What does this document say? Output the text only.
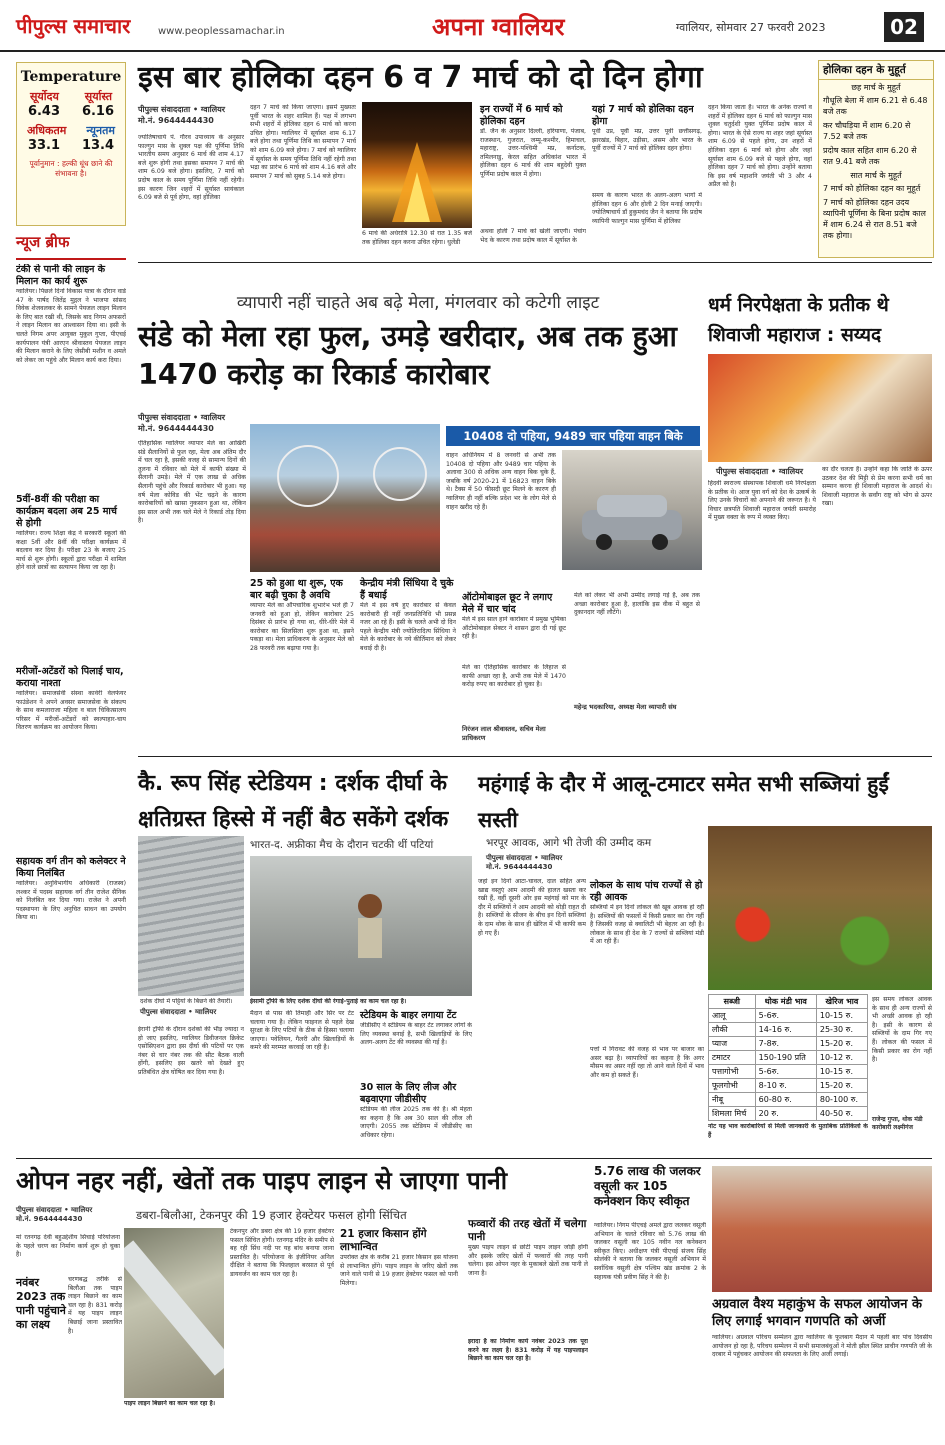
पीपुल्स समाचार	www.peoplessamachar.in	अपना ग्वालियर	ग्वालियर, सोमवार 27 फरवरी 2023	02
Temperature
सूर्योदय सूर्यास्त
6.43 6.16
अधिकतम न्यूनतम
33.1 13.4
पूर्वानुमान : हल्की धूंध छाने की संभावना है।
न्यूज ब्रीफ
टंकी से पानी की लाइन के मिलान का कार्य शुरू
ग्वालियर। पिछले दिनों विकास यात्रा के दौरान वार्ड 47 के पार्षद जितेंद्र मुद्गल ने भाजपा सांसद विवेक शेजवलकर के सामने पेयजल लाइन मिलान के लिए बात रखी थी, जिसके बाद निगम अफसरों ने लाइन मिलान का आश्वासन दिया था। इसी के चलते निगम अपर आयुक्त मुकुल गुप्ता, पीएचई कार्यपालन यंत्री आरएन श्रीवास्तव पेयजल लाइन की मिलान कराने के लिए जेसीबी मशीन व अमले को लेकर जा पहुंचे और मिलान कार्य करा दिया।
5वीं-8वीं की परीक्षा का कार्यक्रम बदला अब 25 मार्च से होगी
ग्वालियर। राज्य शिक्षा केंद्र ने सरकारी स्कूलों की कक्षा 5वीं और 8वीं की परीक्षा कार्यक्रम में बदलाव कर दिया है। परीक्षा 23 के बजाए 25 मार्च से शुरू होगी। स्कूलों द्वारा परीक्षा में शामिल होने वाले छात्रों का सत्यापन किया जा रहा है।
मरीजों-अटेंडरों को पिलाई चाय, कराया नाश्ता
ग्वालियर। समाजसेवी संस्था कावेरी वेलफेयर फाउंडेशन ने अपने अवसर समाजसेवा के संकल्प के साथ कमलाराजा महिला व बाल चिकित्सालय परिसर में मरीजों-अटेंडरों को स्वल्पाहार-चाय वितरण कार्यक्रम का आयोजन किया।
सहायक वर्ग तीन को कलेक्टर ने किया निलंबित
ग्वालियर। अनुविभागीय अधिकारी (राजस्व) लश्कर में पदस्थ सहायक वर्ग तीन राजेश सैनिक को निलंबित कर दिया गया। राजेश ने अपनी पदस्थापना के लिए अनुचित साधन का उपयोग किया था।
इस बार होलिका दहन 6 व 7 मार्च को दो दिन होगा
पीपुल्स संवाददाता • ग्वालियर
मो.नं. 9644444430
ज्योतिषाचार्य पं. गौरव उपाध्याय के अनुसार फाल्गुन मास के शुक्ल पक्ष की पूर्णिमा तिथि भारतीय समय अनुसार 6 मार्च की शाम 4.17 बजे शुरू होगी तथा इसका समापन 7 मार्च की शाम 6.09 बजे होगा। इसलिए, 7 मार्च को प्रदोष काल के समय पूर्णिमा तिथि नहीं रहेगी। इस कारण जिन शहरों में सूर्यास्त सायंकाल 6.09 बजे से पूर्व होगा, वहां होलिका
दहन 7 मार्च को किया जाएगा। इसमें मुख्यतः पूर्वी भारत के शहर शामिल हैं। पक्ष में लगभग सभी शहरों में होलिका दहन 6 मार्च को करना उचित होगा। ग्वालियर में सूर्यास्त शाम 6.17 बजे होगा तथा पूर्णिमा तिथि का समापन 7 मार्च को शाम 6.09 बजे होगा। 7 मार्च को ग्वालियर में सूर्यास्त के समय पूर्णिमा तिथि नहीं रहेगी तथा भद्रा का प्रारंभ 6 मार्च को शाम 4.16 बजे और समापन 7 मार्च को सुबह 5.14 बजे होगा।
6 मार्च की अर्धरात्रि 12.30 से रात 1.35 बजे तक होलिका दहन करना उचित रहेगा। धुलेंडी
इन राज्यों में 6 मार्च को होलिका दहन
डॉ. जैन के अनुसार दिल्ली, हरियाणा, पंजाब, राजस्थान, गुजरात, जम्मू-कश्मीर, हिमाचल, महाराष्ट्र, उत्तर-पश्चिमी मप्र, कर्नाटक, तमिलनाडु, केरल सहित अधिकांश भारत में होलिका दहन 6 मार्च की शाम बहुदेवी युक्त पूर्णिमा प्रदोष काल में होगा।
अथवा होली 7 मार्च को खेली जाएगी। पंचांग भेद के कारण तथा प्रदोष काल में सूर्यास्त के
यहां 7 मार्च को होलिका दहन होगा
पूर्वी उप्र, पूर्वी मप्र, उत्तर पूर्वी छत्तीसगढ़, झारखंड, बिहार, उड़ीसा, असम और भारत के पूर्वी राज्यों में 7 मार्च को होलिका दहन होगा।
समय के कारण भारत के अलग-अलग भागों में होलिका दहन 6 और होली 2 दिन मनाई जाएगी। ज्योतिषाचार्य डॉ हुकुमचंद जैन ने बताया कि प्रदोष व्यापिनी फाल्गुन मास पूर्णिमा में होलिका
दहन किया जाता है। भारत के अनेक राज्यों व शहरों में होलिका दहन 6 मार्च को फाल्गुन मास शुक्ल चतुर्दशी युक्त पूर्णिमा प्रदोष काल में होगा। भारत के ऐसे राज्य या शहर जहां सूर्यास्त शाम 6.09 से पहले होगा, उन शहरों में होलिका दहन 6 मार्च को होगा और जहां सूर्यास्त शाम 6.09 बजे से पहले होगा, वहां होलिका दहन 7 मार्च को होगा। उन्होंने बताया कि इस वर्ष महाशनि जयंती भी 3 और 4 अप्रैल को है।
होलिका दहन के मुहूर्त
छह मार्च के मुहूर्त
गौधूलि बेला में शाम 6.21 से 6.48 बजे तक
कर चौघड़िया में शाम 6.20 से 7.52 बजे तक
प्रदोष काल सहित शाम 6.20 से रात 9.41 बजे तक
सात मार्च के मुहूर्त
7 मार्च को होलिका दहन का मुहूर्त
7 मार्च को होलिका दहन उदय व्यापिनी पूर्णिमा के बिना प्रदोष काल में शाम 6.24 से रात 8.51 बजे तक होगा।
व्यापारी नहीं चाहते अब बढ़े मेला, मंगलवार को कटेगी लाइट
संडे को मेला रहा फुल, उमड़े खरीदार, अब तक हुआ 1470 करोड़ का रिकार्ड कारोबार
पीपुल्स संवाददाता • ग्वालियर
मो.नं. 9644444430
10408 दो पहिया, 9489 चार पहिया वाहन बिके
ऐतिहासिक ग्वालियर व्यापार मेले का आखिरी संडे सैलानियों से फुल रहा, मेला अब अंतिम दौर में चल रहा है, इसकी वजह से सामान्य दिनों की तुलना में रविवार को मेले में काफी संख्या में सैलानी उमड़े। मेले में एक लाख से अधिक सैलानी पहुंचे और रिकार्ड कारोबार भी हुआ। यह वर्ष मेला कोविड की भेंट चढ़ने के कारण कारोबारियों को खासा नुकसान हुआ था, लेकिन इस साल अभी तक चले मेले ने रिकार्ड तोड़ दिया है।
वाहन अधिनियम में 8 जनवरी से अभी तक 10408 दो पहिया और 9489 चार पहिया के अलावा 300 से अधिक अन्य वाहन बिक चुके हैं, जबकि वर्ष 2020-21 में 16823 वाहन बिके थे। टैक्स में 50 फीसदी छूट मिलने के कारण ही ग्वालियर ही नहीं बल्कि प्रदेश भर के लोग मेले से वाहन खरीद रहे हैं।
25 को हुआ था शुरू, एक बार बढ़ी चुका है अवधि
व्यापार मेले का औपचारिक शुभारंभ भले ही 7 जनवरी को हुआ हो, लेकिन कारोबार 25 दिसंबर से प्रारंभ हो गया था, धीरे-धीरे मेले में कारोबार का सिलसिला शुरू हुआ था, इसने पकड़ा था। मेला प्राधिकरण के अनुसार मेले को 28 फरवरी तक बढ़ाया गया है।
केन्द्रीय मंत्री सिंधिया दे चुके हैं बधाई
मेले में इस वर्ष हुए कारोबार से केवल कारोबारी ही नहीं जनप्रतिनिधि भी प्रसन्न नजर आ रहे हैं। इसी के चलते अभी दो दिन पहले केन्द्रीय मंत्री ज्योतिरादित्य सिंधिया ने मेले के कारोबार के नये कीर्तिमान को लेकर बधाई दी है।
ऑटोमोबाइल छूट ने लगाए मेले में चार चांद
मेले में इस साल हाने कारोबार में प्रमुख भूमिका ऑटोमोबाइल सेक्टर ने शासन द्वारा दी गई छूट रही है।
मेले का ऐतिहासिक कारोबार के लिहाज से काफी अच्छा रहा है, अभी तक मेले में 1470 करोड़ रुपए का कारोबार हो चुका है।
निरंजन लाल श्रीवास्तव, सचिव मेला प्राधिकरण
मेले को लेकर भी अभी उम्मीद लगाई गई है, अब तक अच्छा कारोबार हुआ है, हालांकि इस वीक में बहुत से दुकानदार नहीं लौटेंगे।
महेन्द्र भदकारिया, अध्यक्ष मेला व्यापारी संघ
धर्म निरपेक्षता के प्रतीक थे शिवाजी महाराज : सय्यद
पीपुल्स संवाददाता • ग्वालियर
हिंदवी स्वराज्य संस्थापक शिवाजी धर्म निरपेक्षता के प्रतीक थे। आज युवा वर्ग को देश के उत्कर्ष के लिए उनके विचारों को अपनाने की जरूरत है। ये विचार छत्रपति शिवाजी महाराज जयंती समारोह में मुख्य वक्ता के रूप में व्यक्त किए।
का दौर चलता है। उन्होंने कहा कि जाति के ऊपर उठकर देश की मिट्टी से प्रेम करना सभी धर्म का सम्मान करना ही शिवाजी महाराज के आदर्श थे। शिवाजी महाराज के सर्वांग राष्ट्र को भोग से ऊपर रखा।
कै. रूप सिंह स्टेडियम : दर्शक दीर्घा के क्षतिग्रस्त हिस्से में नहीं बैठ सकेंगे दर्शक
भारत-द. अफ्रीका मैच के दौरान चटकी थीं पटियां
दर्शक दीर्घा में पट्टियों के बिछने की तैयारी।
पीपुल्स संवाददाता • ग्वालियर
ईसामी ट्रॉफी के लिए दर्शक दीर्घा की रंगाई-पुताई का काम चल रहा है।
ईरानी ट्रॉफी के दौरान दर्शकों की भीड़ ज्यादा न हो जाए इसलिए, ग्वालियर डिवीजनल क्रिकेट एसोसिएशन द्वारा इस दीर्घा की पटियों पर एक नंबर से चार नंबर तक की सीट बैठक वाली होंगी, इसलिए इस खतरे को देखते हुए प्रतिबंधित क्षेत्र घोषित कर दिया गया है।
मैदान से पास की तिमाही और सिर पर टेंट चलाया गया है। लेकिन फाइनल से पहले देख सुरक्षा के लिए पटियों के ठीक से हिस्सा चलाया जाएगा। पवेलियन, गैलरी और खिलाड़ियों के कमरे की मरम्मत करवाई जा रही है।
स्टेडियम के बाहर लगाया टेंट
जीडीसीए ने स्टेडियम के बाहर टेंट लगाकर लोगों के लिए व्यवस्था बनाई है, सभी खिलाड़ियों के लिए अलग-अलग टेंट की व्यवस्था की गई है।
30 साल के लिए लीज और बढ़वाएगा जीडीसीए
स्टेडियम की लीज 2025 तक की है। श्री मेहता का कहना है कि अब 30 साल की लीज ली जाएगी। 2055 तक स्टेडियम में जीडीसीए का अधिकार रहेगा।
महंगाई के दौर में आलू-टमाटर समेत सभी सब्जियां हुईं सस्ती
भरपूर आवक, आगे भी तेजी की उम्मीद कम
पीपुल्स संवाददाता • ग्वालियर
मो.नं. 9644444430
जहां इन दिनों आटा-चावल, दाल सहित अन्य खाद्य वस्तुएं आम आदमी की हालत खस्ता कर रखी हैं, वहीं दूसरी ओर इस महंगाई को मार के दौर में सब्जियों ने आम आदमी को थोड़ी राहत दी है। सब्जियों के सीजन के बीच इन दिनों सब्जियां के दाम थोक के साथ ही खेरिज में भी काफी कम हो गए हैं।
लोकल के साथ पांच राज्यों से हो रही आवक
सब्जियों में इन दिनों लोकल की खूब आवक हो रही है। सब्जियों की फसलों में किसी प्रकार का रोग नहीं है जिसकी वजह से क्वालिटी भी बेहतर आ रही है। लोकल के साथ ही देश के 7 राज्यों से सब्जियां मंडी में आ रही हैं।
पत्तों में गिरावट की वजह से भाव पर बाजार का असर बढ़ा है। व्यापारियों का कहना है कि अगर मौसम का असर नहीं रहा तो आने वाले दिनों में भाव और कम हो सकते हैं।
सब्जी	थोक मंडी भाव	खेरिज भाव
आलू	5-6रु.	10-15 रु.
लौकी	14-16 रु.	25-30 रु.
प्याज	7-8रु.	15-20 रु.
टमाटर	150-190 प्रति	10-12 रु.
पत्तागोभी	5-6रु.	10-15 रु.
फूलगोभी	8-10 रु.	15-20 रु.
नीबू	60-80 रु.	80-100 रु.
शिमला मिर्च	20 रु.	40-50 रु.
नोट यह भाव कारोबारियों से मिली जानकारी के मुताबिक प्रतिकिलो के हैं
इस समय लोकल आवक के साथ ही अन्य राज्यों से भी अच्छी आवक हो रही है। इसी के कारण से सब्जियों के दाम गिर गए हैं। लोकल की फसल में किसी प्रकार का रोग नहीं है।
राजेन्द्र गुप्ता, थोक मंडी कारोबारी लक्ष्मीगंज
ओपन नहर नहीं, खेतों तक पाइप लाइन से जाएगा पानी
पीपुल्स संवाददाता • ग्वालियर
मो.नं. 9644444430	डबरा-बिलौआ, टेकनपुर की 19 हजार हेक्टेयर फसल होगी सिंचित
पाइप लाइन बिछाने का काम चल रहा है।
मां रतनगढ़ देवी बहुउद्देशीय सिंचाई परियोजना के पहले चरण का निर्माण कार्य शुरू हो चुका है।
नवंबर 2023 तक पानी पहुंचाने का लक्ष्य
चरणबद्ध तरीके से बिलौआ तक पाइप लाइन बिछाने का काम चल रहा है। 831 करोड़ में यह पाइप लाइन बिछाई जाना प्रस्तावित है।
टेकनपुर और डबरा क्षेत्र की 19 हजार हेक्टेयर फसल सिंचित होगी। रतनगढ़ मंदिर के समीप से बह रही सिंध नदी पर यह बांध बनाया जाना प्रस्तावित है। परियोजना के इंजीनियर अनिल दीक्षित ने बताया कि फिलहाल बरसात से पूर्व डायवर्जन का काम चल रहा है।
21 हजार किसान होंगे लाभान्वित
उपरोक्त क्षेत्र के करीब 21 हजार किसान इस योजना से लाभान्वित होंगे। पाइप लाइन के जरिए खेतों तक जाने वाले पानी से 19 हजार हेक्टेयर फसल को पानी मिलेगा।
फव्वारों की तरह खेतों में चलेगा पानी
मुख्य पाइप लाइन से छोटी पाइप लाइन जोड़ी होंगी और इसके जरिए खेतों में फव्वारों की तरह पानी चलेगा। इस ओपन नहर के मुकाबले खेतों तक पानी ले जाना है।
इरादा है का निर्माण कार्य नवंबर 2023 तक पूरा करने का लक्ष्य है। 831 करोड़ में यह पाइपलाइन बिछाने का काम चल रहा है।
5.76 लाख की जलकर वसूली कर 105 कनेक्शन किए स्वीकृत
ग्वालियर। निगम पीएचई अमले द्वारा जलकर वसूली अभियान के चलते रविवार को 5.76 लाख की जलकर वसूली कर 105 नवीन नल कनेक्शन स्वीकृत किए। अधीक्षण यंत्री पीएचई संजय सिंह सोलंकी ने बताया कि जलकर वसूली अभियान में सर्वाधिक वसूली क्षेत्र पश्चिम खंड क्रमांक 2 के सहायक यंत्री प्रवीण सिंह ने की है।
अग्रवाल वैश्य महाकुंभ के सफल आयोजन के लिए लगाई भगवान गणपति को अर्जी
ग्वालियर। अग्रवाल परिचय सम्मेलन द्वारा ग्वालियर के फूलबाग मैदान में पहली बार पांच दिवसीय आयोजन हो रहा है, परिचय सम्मेलन में सभी समाजबंधुओं ने मोती झील स्थित प्राचीन गणपति जी के दरबार में पहुंचकर आयोजन की सफलता के लिए अर्जी लगाई।
